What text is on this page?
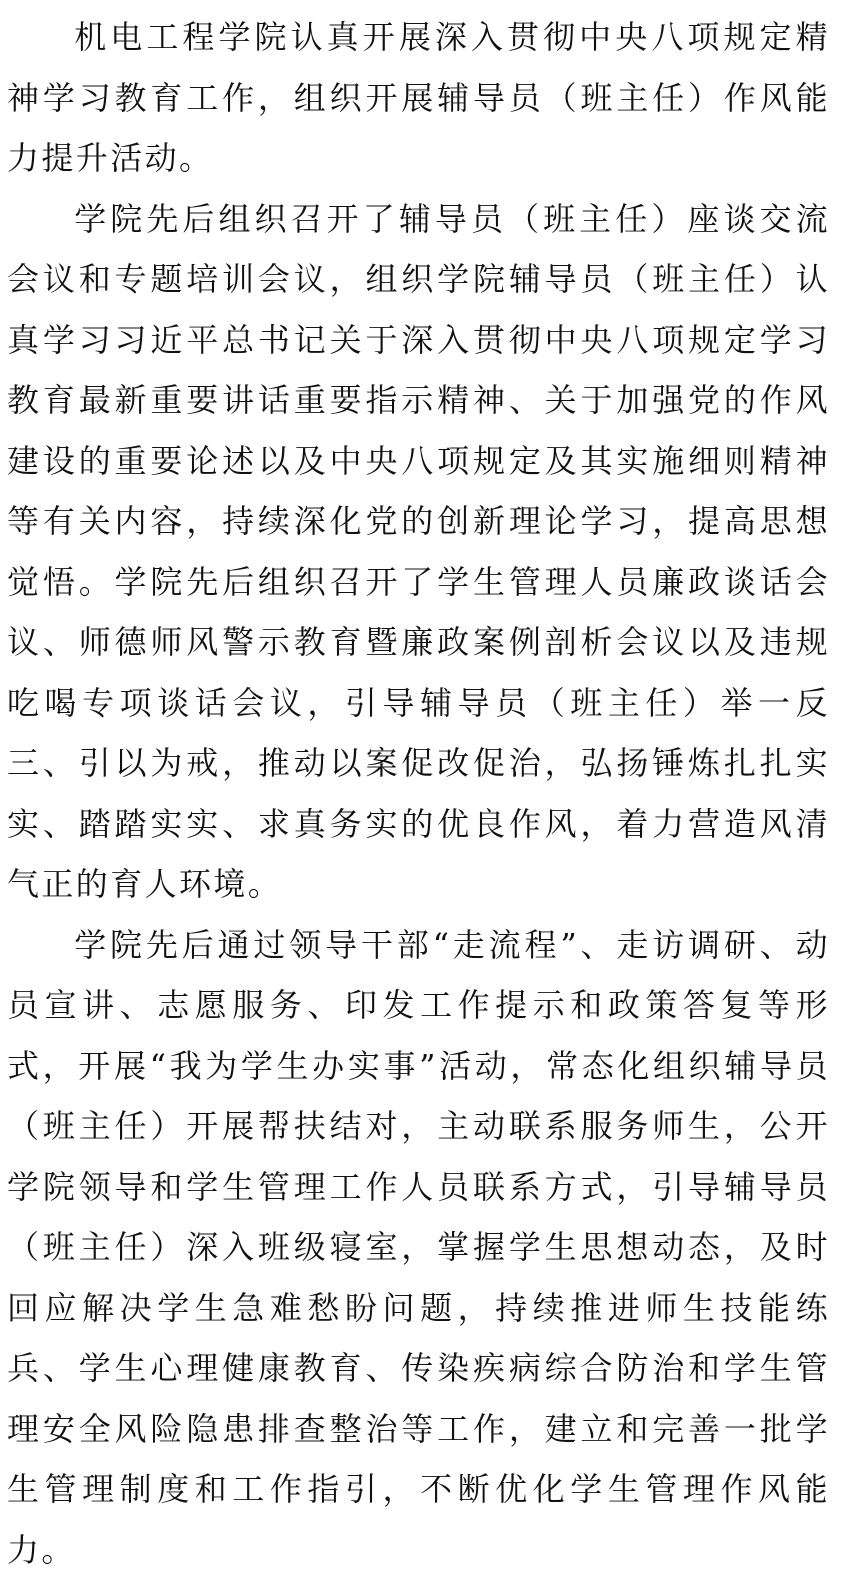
机电工程学院认真开展深入贯彻中央八项规定精神学习教育工作，组织开展辅导员（班主任）作风能力提升活动。

学院先后组织召开了辅导员（班主任）座谈交流会议和专题培训会议，组织学院辅导员（班主任）认真学习习近平总书记关于深入贯彻中央八项规定学习教育最新重要讲话重要指示精神、关于加强党的作风建设的重要论述以及中央八项规定及其实施细则精神等有关内容，持续深化党的创新理论学习，提高思想觉悟。学院先后组织召开了学生管理人员廉政谈话会议、师德师风警示教育暨廉政案例剖析会议以及违规吃喝专项谈话会议，引导辅导员（班主任）举一反三、引以为戒，推动以案促改促治，弘扬锤炼扎扎实实、踏踏实实、求真务实的优良作风，着力营造风清气正的育人环境。

学院先后通过领导干部“走流程”、走访调研、动员宣讲、志愿服务、印发工作提示和政策答复等形式，开展“我为学生办实事”活动，常态化组织辅导员（班主任）开展帮扶结对，主动联系服务师生，公开学院领导和学生管理工作人员联系方式，引导辅导员（班主任）深入班级寝室，掌握学生思想动态，及时回应解决学生急难愁盼问题，持续推进师生技能练兵、学生心理健康教育、传染疾病综合防治和学生管理安全风险隐患排查整治等工作，建立和完善一批学生管理制度和工作指引，不断优化学生管理作风能力。
